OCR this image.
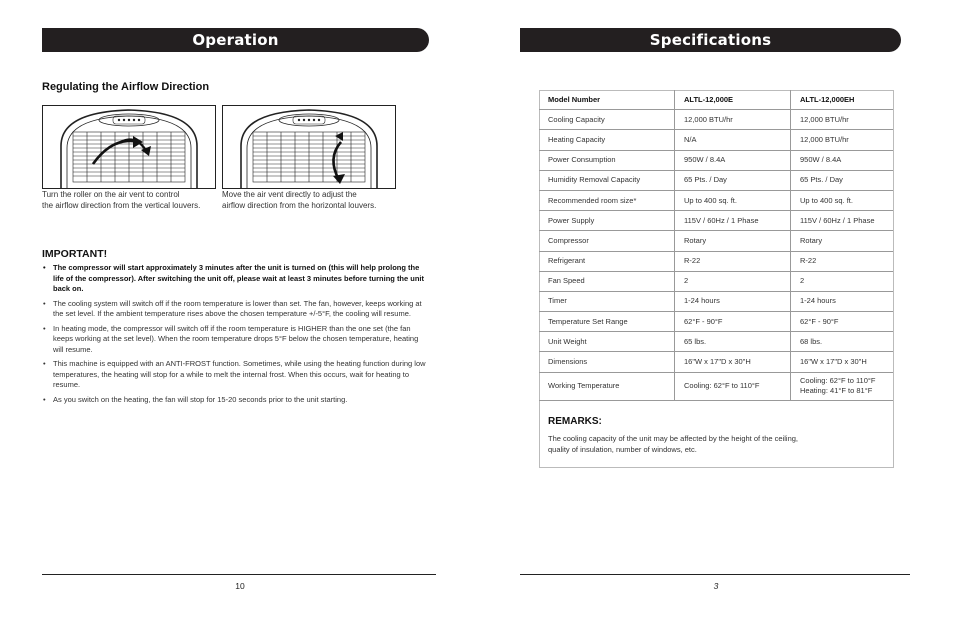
Operation
Regulating the Airflow Direction
Turn the roller on the air vent to control
the airflow direction from the vertical louvers.
Move the air vent directly to adjust the
airflow direction from the horizontal louvers.
IMPORTANT!
• The compressor will start approximately 3 minutes after the unit is turned on (this will help prolong the life of the compressor). After switching the unit off, please wait at least 3 minutes before turning the unit back on.
• The cooling system will switch off if the room temperature is lower than set. The fan, however, keeps working at the set level. If the ambient temperature rises above the chosen temperature +/-5°F, the cooling will resume.
• In heating mode, the compressor will switch off if the room temperature is HIGHER than the one set (the fan keeps working at the set level). When the room temperature drops 5°F below the chosen temperature, heating will resume.
• This machine is equipped with an ANTI-FROST function. Sometimes, while using the heating function during low temperatures, the heating will stop for a while to melt the internal frost. When this occurs, wait for heating to resume.
• As you switch on the heating, the fan will stop for 15-20 seconds prior to the unit starting.
10
Specifications
Model Number	ALTL-12,000E	ALTL-12,000EH
Cooling Capacity	12,000 BTU/hr	12,000 BTU/hr
Heating Capacity	N/A	12,000 BTU/hr
Power Consumption	950W / 8.4A	950W / 8.4A
Humidity Removal Capacity	65 Pts. / Day	65 Pts. / Day
Recommended room size*	Up to 400 sq. ft.	Up to 400 sq. ft.
Power Supply	115V / 60Hz / 1 Phase	115V / 60Hz / 1 Phase
Compressor	Rotary	Rotary
Refrigerant	R-22	R-22
Fan Speed	2	2
Timer	1-24 hours	1-24 hours
Temperature Set Range	62°F - 90°F	62°F - 90°F
Unit Weight	65 lbs.	68 lbs.
Dimensions	16"W x 17"D x 30"H	16"W x 17"D x 30"H
Working Temperature	Cooling: 62°F to 110°F	Cooling: 62°F to 110°F
Heating: 41°F to 81°F
REMARKS:
The cooling capacity of the unit may be affected by the height of the ceiling,
quality of insulation, number of windows, etc.
3
